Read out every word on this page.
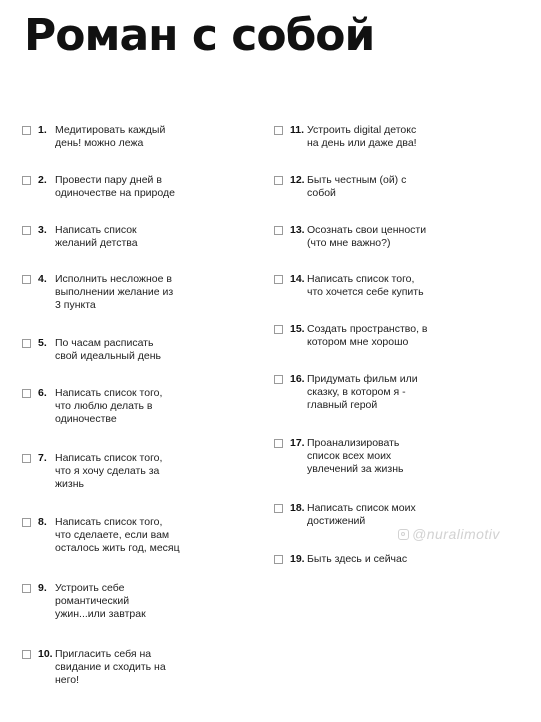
Роман с собой
1. Медитировать каждый
день! можно лежа
2. Провести пару дней в
одиночестве на природе
3. Написать список
желаний детства
4. Исполнить несложное в
выполнении желание из
3 пункта
5. По часам расписать
свой идеальный день
6. Написать список того,
что люблю делать в
одиночестве
7. Написать список того,
что я хочу сделать за
жизнь
8. Написать список того,
что сделаете, если вам
осталось жить год, месяц
9. Устроить себе
романтический
ужин...или завтрак
10. Пригласить себя на
свидание и сходить на
него!
11. Устроить digital детокс
на день или даже два!
12. Быть честным (ой) с
собой
13. Осознать свои ценности
(что мне важно?)
14. Написать список того,
что хочется себе купить
15. Создать пространство, в
котором мне хорошо
16. Придумать фильм или
сказку, в котором я -
главный герой
17. Проанализировать
список всех моих
увлечений за жизнь
18. Написать список моих
достижений
19. Быть здесь и сейчас
@nuralimotiv
